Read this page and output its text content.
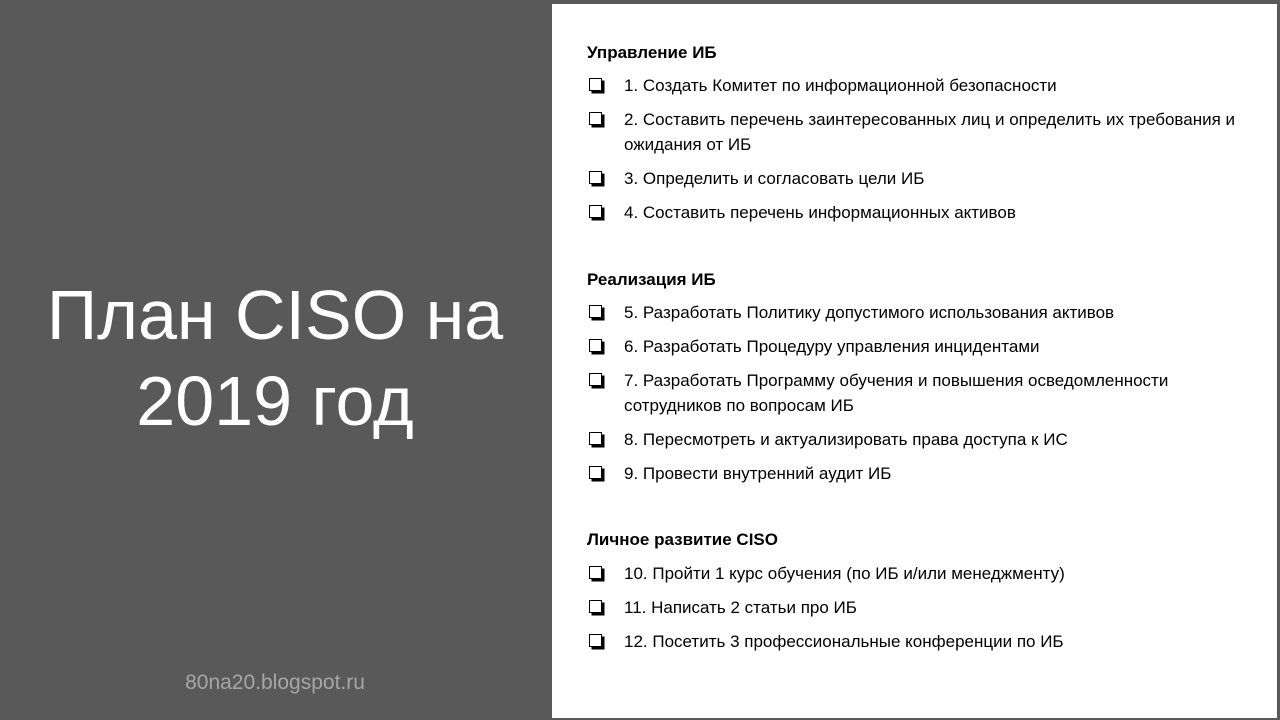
План CISO на
2019 год
80na20.blogspot.ru
Управление ИБ
1. Создать Комитет по информационной безопасности
2. Составить перечень заинтересованных лиц и определить их требования и ожидания от ИБ
3. Определить и согласовать цели ИБ
4. Составить перечень информационных активов
Реализация ИБ
5. Разработать Политику допустимого использования активов
6. Разработать Процедуру управления инцидентами
7. Разработать Программу обучения и повышения осведомленности сотрудников по вопросам ИБ
8. Пересмотреть и актуализировать права доступа к ИС
9. Провести внутренний аудит ИБ
Личное развитие CISO
10. Пройти 1 курс обучения (по ИБ и/или менеджменту)
11. Написать 2 статьи про ИБ
12. Посетить 3 профессиональные конференции по ИБ
